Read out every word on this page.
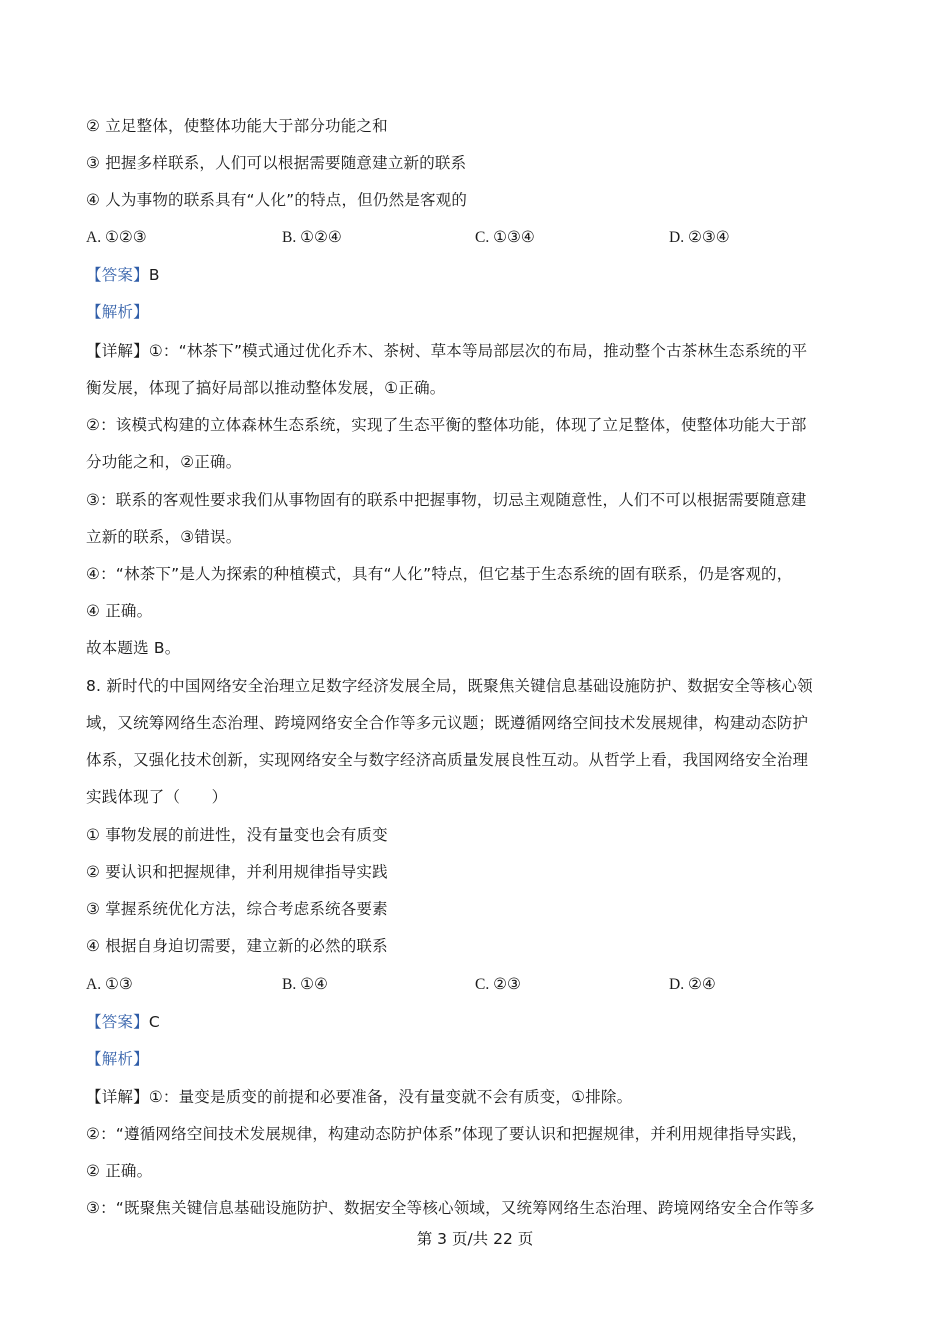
② 立足整体，使整体功能大于部分功能之和
③ 把握多样联系，人们可以根据需要随意建立新的联系
④ 人为事物的联系具有“人化”的特点，但仍然是客观的
A. ①②③	B. ①②④	C. ①③④	D. ②③④
【答案】B
【解析】
【详解】①：“林茶下”模式通过优化乔木、茶树、草本等局部层次的布局，推动整个古茶林生态系统的平
衡发展，体现了搞好局部以推动整体发展，①正确。
②：该模式构建的立体森林生态系统，实现了生态平衡的整体功能，体现了立足整体，使整体功能大于部
分功能之和，②正确。
③：联系的客观性要求我们从事物固有的联系中把握事物，切忌主观随意性，人们不可以根据需要随意建
立新的联系，③错误。
④：“林茶下”是人为探索的种植模式，具有“人化”特点，但它基于生态系统的固有联系，仍是客观的，
④ 正确。
故本题选 B。
8. 新时代的中国网络安全治理立足数字经济发展全局，既聚焦关键信息基础设施防护、数据安全等核心领
域，又统筹网络生态治理、跨境网络安全合作等多元议题；既遵循网络空间技术发展规律，构建动态防护
体系，又强化技术创新，实现网络安全与数字经济高质量发展良性互动。从哲学上看，我国网络安全治理
实践体现了（　　）
① 事物发展的前进性，没有量变也会有质变
② 要认识和把握规律，并利用规律指导实践
③ 掌握系统优化方法，综合考虑系统各要素
④ 根据自身迫切需要，建立新的必然的联系
A. ①③	B. ①④	C. ②③	D. ②④
【答案】C
【解析】
【详解】①：量变是质变的前提和必要准备，没有量变就不会有质变，①排除。
②：“遵循网络空间技术发展规律，构建动态防护体系”体现了要认识和把握规律，并利用规律指导实践，
② 正确。
③：“既聚焦关键信息基础设施防护、数据安全等核心领域，又统筹网络生态治理、跨境网络安全合作等多
第 3 页/共 22 页
